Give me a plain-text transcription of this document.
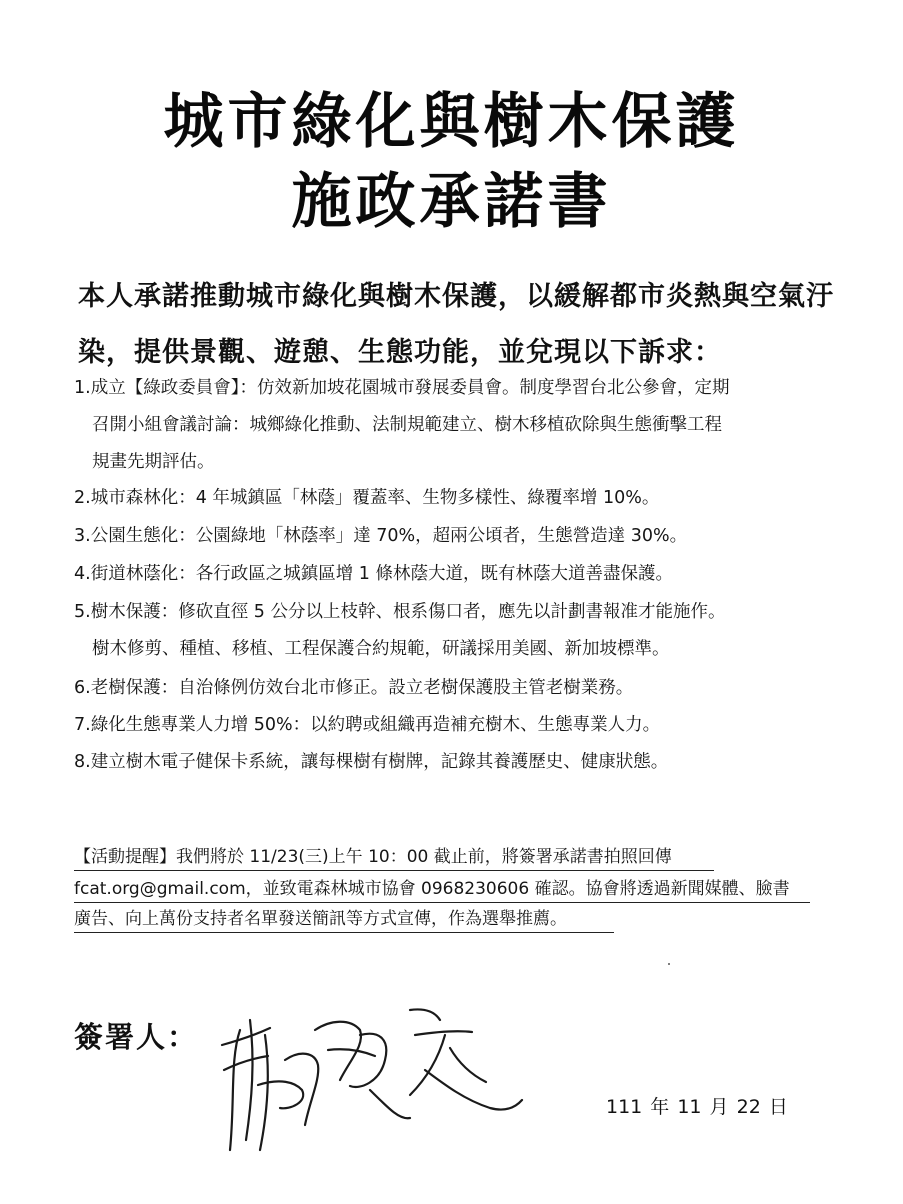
城市綠化與樹木保護
施政承諾書
本人承諾推動城市綠化與樹木保護，以緩解都市炎熱與空氣汙
染，提供景觀、遊憩、生態功能，並兌現以下訴求：
1.成立【綠政委員會】：仿效新加坡花園城市發展委員會。制度學習台北公參會，定期
召開小組會議討論：城鄉綠化推動、法制規範建立、樹木移植砍除與生態衝擊工程
規畫先期評估。
2.城市森林化：4 年城鎮區「林蔭」覆蓋率、生物多樣性、綠覆率增 10%。
3.公園生態化：公園綠地「林蔭率」達 70%，超兩公頃者，生態營造達 30%。
4.街道林蔭化：各行政區之城鎮區增 1 條林蔭大道，既有林蔭大道善盡保護。
5.樹木保護：修砍直徑 5 公分以上枝幹、根系傷口者，應先以計劃書報准才能施作。
樹木修剪、種植、移植、工程保護合約規範，研議採用美國、新加坡標準。
6.老樹保護：自治條例仿效台北市修正。設立老樹保護股主管老樹業務。
7.綠化生態專業人力增 50%：以約聘或組織再造補充樹木、生態專業人力。
8.建立樹木電子健保卡系統，讓每棵樹有樹牌，記錄其養護歷史、健康狀態。
【活動提醒】我們將於 11/23(三)上午 10：00 截止前，將簽署承諾書拍照回傳
fcat.org@gmail.com，並致電森林城市協會 0968230606 確認。協會將透過新聞媒體、臉書
廣告、向上萬份支持者名單發送簡訊等方式宣傳，作為選舉推薦。
簽署人：
111 年 11 月 22 日
